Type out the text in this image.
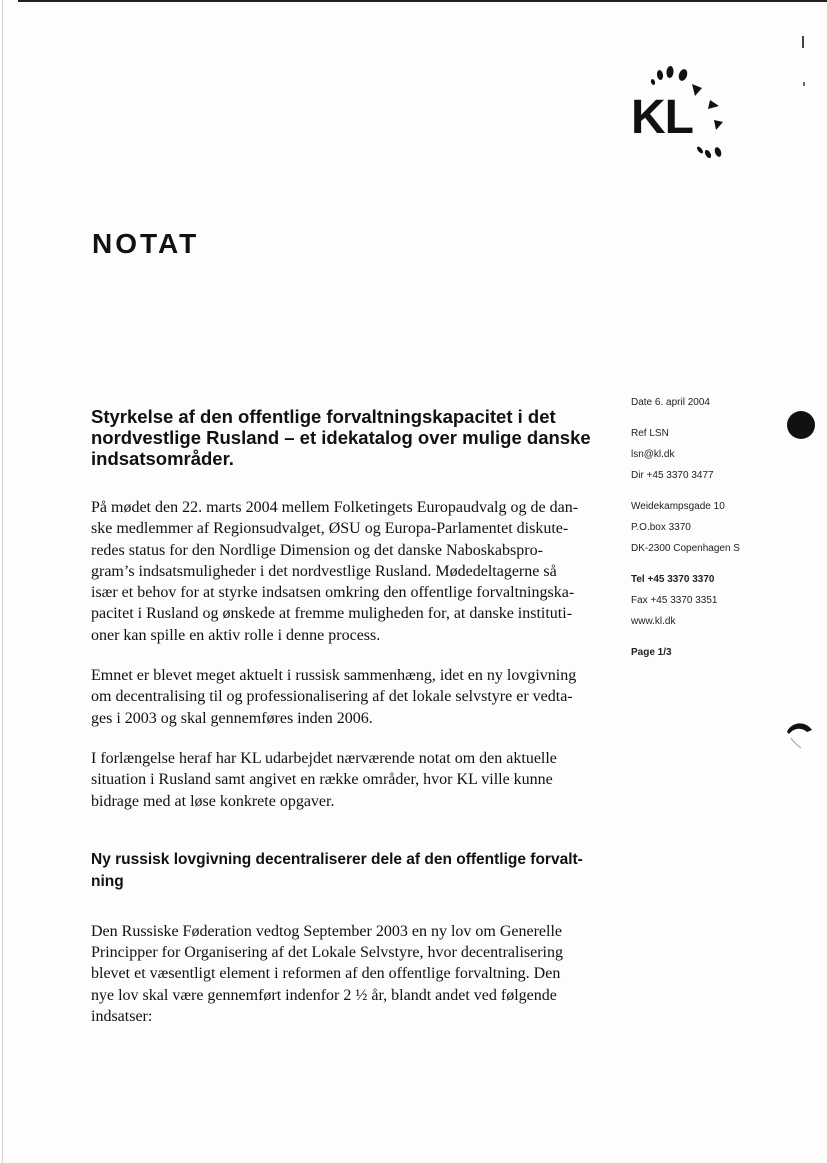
KL
NOTAT
Date 6. april 2004
Ref LSN
lsn@kl.dk
Dir +45 3370 3477
Weidekampsgade 10
P.O.box 3370
DK-2300 Copenhagen S
Tel +45 3370 3370
Fax +45 3370 3351
www.kl.dk
Page 1/3
Styrkelse af den offentlige forvaltningskapacitet i det
nordvestlige Rusland – et idekatalog over mulige danske
indsatsområder.

På mødet den 22. marts 2004 mellem Folketingets Europaudvalg og de dan-
ske medlemmer af Regionsudvalget, ØSU og Europa-Parlamentet diskute-
redes status for den Nordlige Dimension og det danske Naboskabspro-
gram’s indsatsmuligheder i det nordvestlige Rusland. Mødedeltagerne så
især et behov for at styrke indsatsen omkring den offentlige forvaltningska-
pacitet i Rusland og ønskede at fremme muligheden for, at danske instituti-
oner kan spille en aktiv rolle i denne process.

Emnet er blevet meget aktuelt i russisk sammenhæng, idet en ny lovgivning
om decentralising til og professionalisering af det lokale selvstyre er vedta-
ges i 2003 og skal gennemføres inden 2006.

I forlængelse heraf har KL udarbejdet nærværende notat om den aktuelle
situation i Rusland samt angivet en række områder, hvor KL ville kunne
bidrage med at løse konkrete opgaver.

Ny russisk lovgivning decentraliserer dele af den offentlige forvalt-
ning

Den Russiske Føderation vedtog September 2003 en ny lov om Generelle
Principper for Organisering af det Lokale Selvstyre, hvor decentralisering
blevet et væsentligt element i reformen af den offentlige forvaltning. Den
nye lov skal være gennemført indenfor 2 ½ år, blandt andet ved følgende
indsatser:
